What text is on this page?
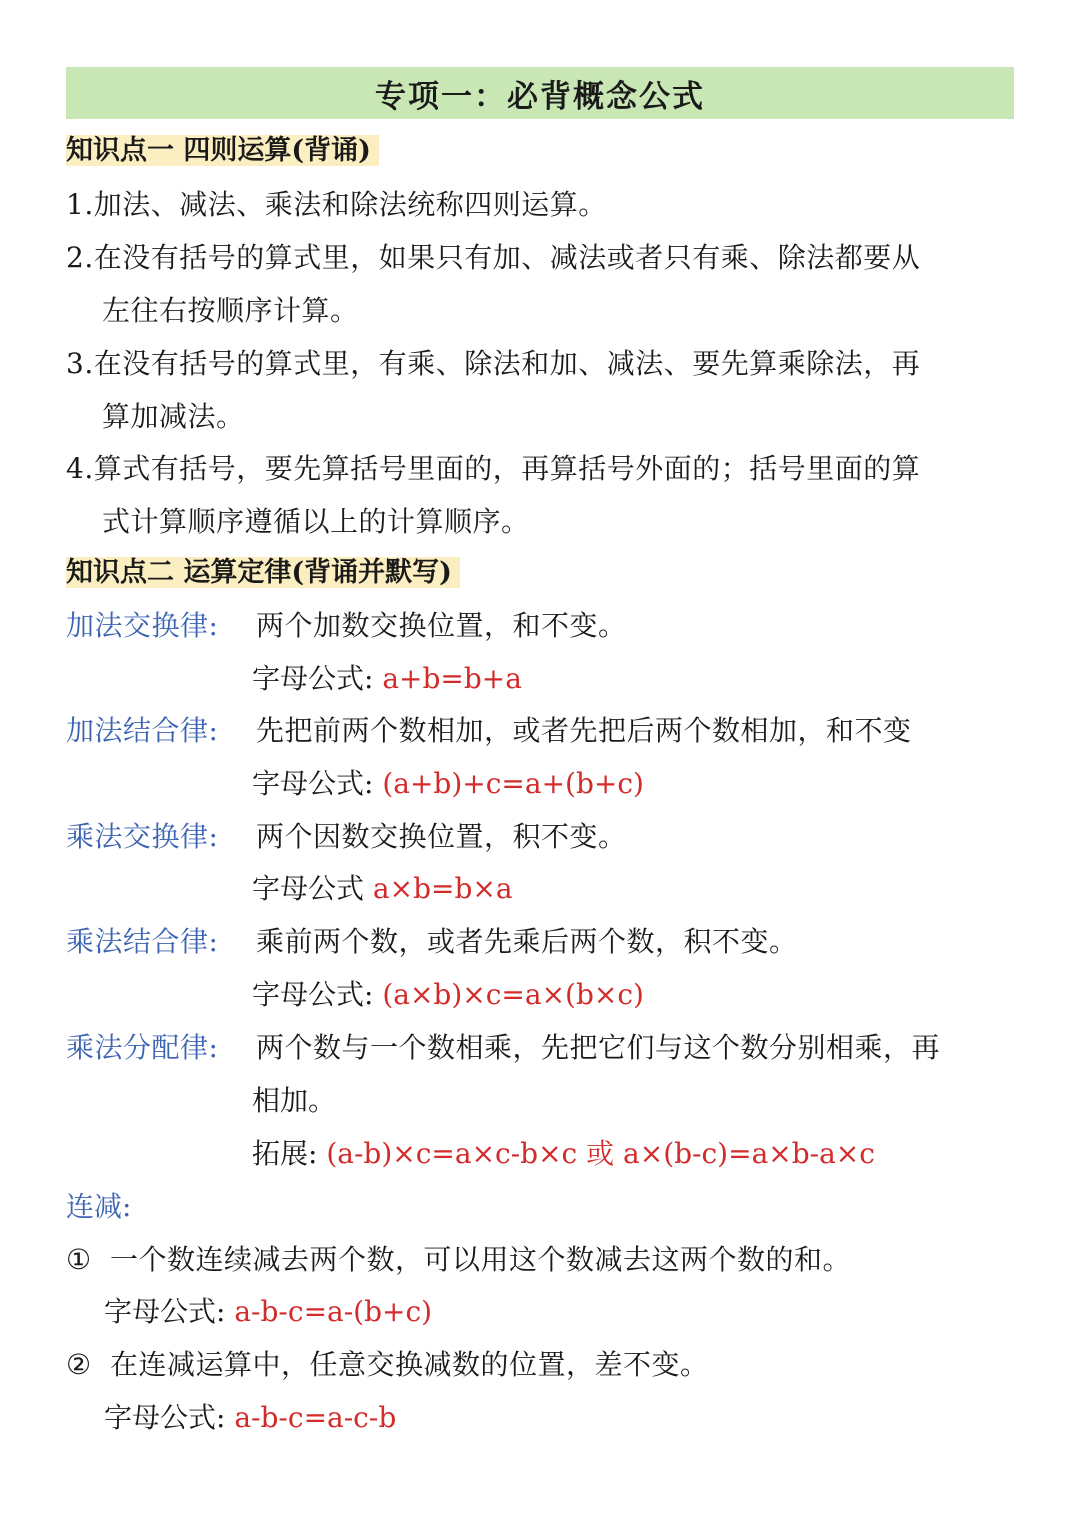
专项一：必背概念公式
知识点一 四则运算(背诵)
1.加法、减法、乘法和除法统称四则运算。
2.在没有括号的算式里，如果只有加、减法或者只有乘、除法都要从
左往右按顺序计算。
3.在没有括号的算式里，有乘、除法和加、减法、要先算乘除法，再
算加减法。
4.算式有括号，要先算括号里面的，再算括号外面的；括号里面的算
式计算顺序遵循以上的计算顺序。
知识点二 运算定律(背诵并默写)
加法交换律: 两个加数交换位置，和不变。
字母公式: a+b=b+a
加法结合律: 先把前两个数相加，或者先把后两个数相加，和不变
字母公式: (a+b)+c=a+(b+c)
乘法交换律: 两个因数交换位置，积不变。
字母公式 a×b=b×a
乘法结合律: 乘前两个数，或者先乘后两个数，积不变。
字母公式: (a×b)×c=a×(b×c)
乘法分配律: 两个数与一个数相乘，先把它们与这个数分别相乘，再
相加。
拓展: (a-b)×c=a×c-b×c 或 a×(b-c)=a×b-a×c
连减:
① 一个数连续减去两个数，可以用这个数减去这两个数的和。
字母公式: a-b-c=a-(b+c)
② 在连减运算中，任意交换减数的位置，差不变。
字母公式: a-b-c=a-c-b
